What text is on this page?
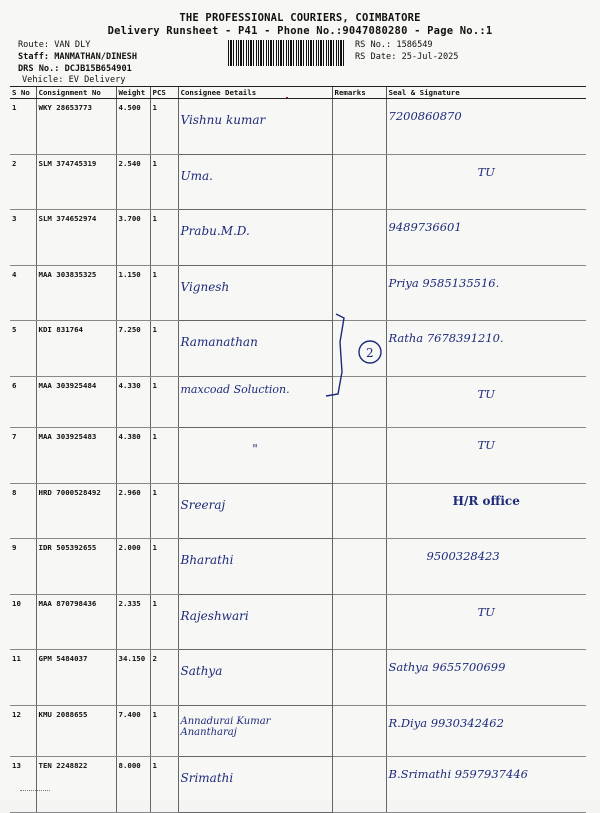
THE PROFESSIONAL COURIERS, COIMBATORE
Delivery Runsheet - P41 - Phone No.:9047080280 - Page No.:1
Route: VAN DLY
Staff: MANMATHAN/DINESH
DRS No.: DCJB15B654901
Vehicle: EV Delivery
RS No.: 1586549
RS Date: 25-Jul-2025
S No	Consignment No	Weight	PCS	Consignee Details	Remarks	Seal & Signature
1	WKY 28653773	4.500	1	Vishnu kumar		7200860870
2	SLM 374745319	2.540	1	Uma.		TU
3	SLM 374652974	3.700	1	Prabu.M.D.		9489736601
4	MAA 303835325	1.150	1	Vignesh		Priya 9585135516.
5	KDI 831764	7.250	1	Ramanathan		Ratha 7678391210.
6	MAA 303925484	4.330	1	maxcoad Soluction.		TU
7	MAA 303925483	4.380	1	"		TU
8	HRD 7000528492	2.960	1	Sreeraj		H/R office
9	IDR 505392655	2.000	1	Bharathi		9500328423
10	MAA 870798436	2.335	1	Rajeshwari		TU
11	GPM 5484037	34.150	2	Sathya		Sathya 9655700699
12	KMU 2088655	7.400	1	Annadurai Kumar Anantharaj		R.Diya 9930342462
13	TEN 2248822	8.000	1	Srimathi		B.Srimathi 9597937446
2
